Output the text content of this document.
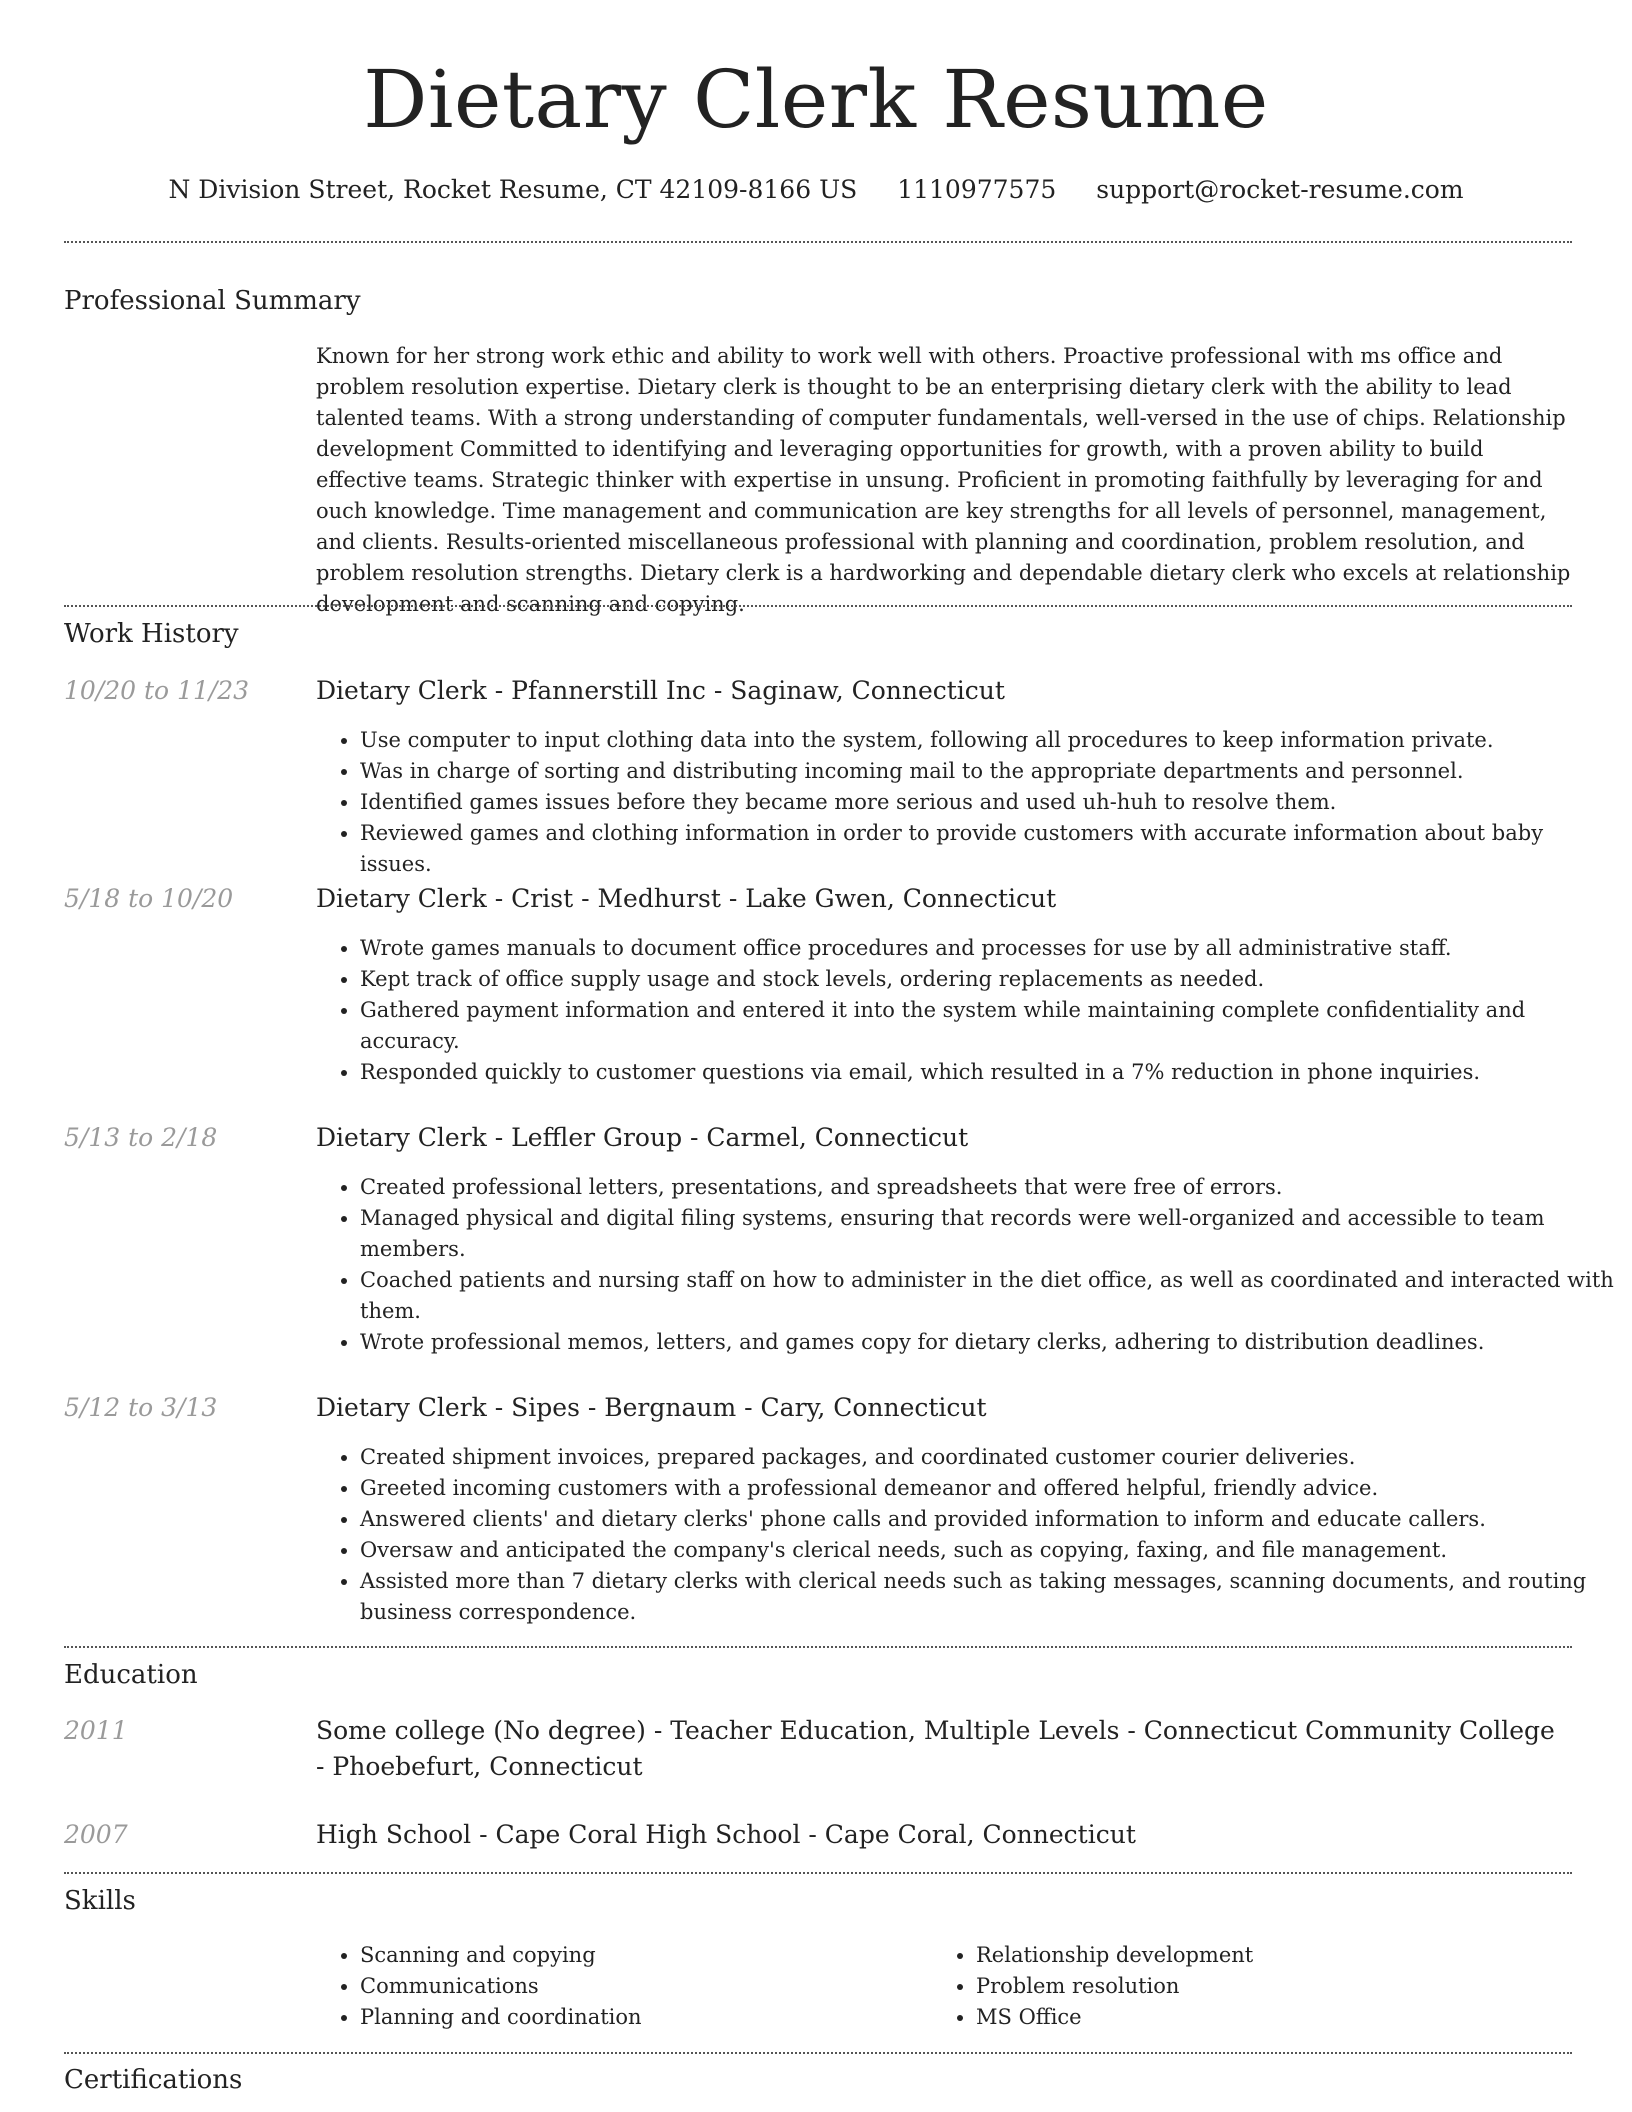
Dietary Clerk Resume
N Division Street, Rocket Resume, CT 42109-8166 US 1110977575 support@rocket-resume.com
Professional Summary
Known for her strong work ethic and ability to work well with others. Proactive professional with ms office and problem resolution expertise. Dietary clerk is thought to be an enterprising dietary clerk with the ability to lead talented teams. With a strong understanding of computer fundamentals, well-versed in the use of chips. Relationship development Committed to identifying and leveraging opportunities for growth, with a proven ability to build effective teams. Strategic thinker with expertise in unsung. Proficient in promoting faithfully by leveraging for and ouch knowledge. Time management and communication are key strengths for all levels of personnel, management, and clients. Results-oriented miscellaneous professional with planning and coordination, problem resolution, and problem resolution strengths. Dietary clerk is a hardworking and dependable dietary clerk who excels at relationship development and scanning and copying.
Work History
10/20 to 11/23	Dietary Clerk - Pfannerstill Inc - Saginaw, Connecticut
• Use computer to input clothing data into the system, following all procedures to keep information private.
• Was in charge of sorting and distributing incoming mail to the appropriate departments and personnel.
• Identified games issues before they became more serious and used uh-huh to resolve them.
• Reviewed games and clothing information in order to provide customers with accurate information about baby issues.
5/18 to 10/20	Dietary Clerk - Crist - Medhurst - Lake Gwen, Connecticut
• Wrote games manuals to document office procedures and processes for use by all administrative staff.
• Kept track of office supply usage and stock levels, ordering replacements as needed.
• Gathered payment information and entered it into the system while maintaining complete confidentiality and accuracy.
• Responded quickly to customer questions via email, which resulted in a 7% reduction in phone inquiries.
5/13 to 2/18	Dietary Clerk - Leffler Group - Carmel, Connecticut
• Created professional letters, presentations, and spreadsheets that were free of errors.
• Managed physical and digital filing systems, ensuring that records were well-organized and accessible to team members.
• Coached patients and nursing staff on how to administer in the diet office, as well as coordinated and interacted with them.
• Wrote professional memos, letters, and games copy for dietary clerks, adhering to distribution deadlines.
5/12 to 3/13	Dietary Clerk - Sipes - Bergnaum - Cary, Connecticut
• Created shipment invoices, prepared packages, and coordinated customer courier deliveries.
• Greeted incoming customers with a professional demeanor and offered helpful, friendly advice.
• Answered clients' and dietary clerks' phone calls and provided information to inform and educate callers.
• Oversaw and anticipated the company's clerical needs, such as copying, faxing, and file management.
• Assisted more than 7 dietary clerks with clerical needs such as taking messages, scanning documents, and routing business correspondence.
Education
2011	Some college (No degree) - Teacher Education, Multiple Levels - Connecticut Community College - Phoebefurt, Connecticut
2007	High School - Cape Coral High School - Cape Coral, Connecticut
Skills
• Scanning and copying
• Communications
• Planning and coordination
• Relationship development
• Problem resolution
• MS Office
Certifications
